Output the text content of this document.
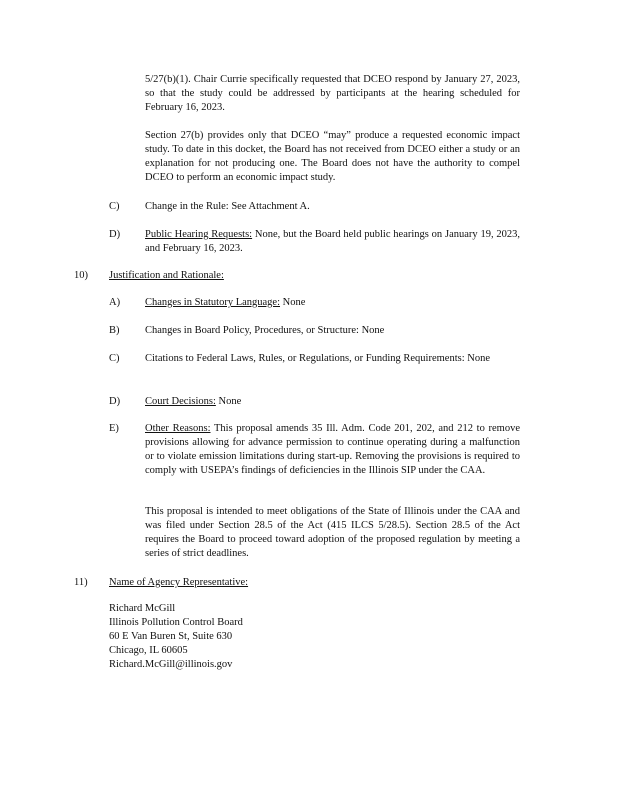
5/27(b)(1). Chair Currie specifically requested that DCEO respond by January 27, 2023, so that the study could be addressed by participants at the hearing scheduled for February 16, 2023.
Section 27(b) provides only that DCEO “may” produce a requested economic impact study. To date in this docket, the Board has not received from DCEO either a study or an explanation for not producing one. The Board does not have the authority to compel DCEO to perform an economic impact study.
C) Change in the Rule: See Attachment A.
D) Public Hearing Requests: None, but the Board held public hearings on January 19, 2023, and February 16, 2023.
10) Justification and Rationale:
A) Changes in Statutory Language: None
B) Changes in Board Policy, Procedures, or Structure: None
C) Citations to Federal Laws, Rules, or Regulations, or Funding Requirements: None
D) Court Decisions: None
E) Other Reasons: This proposal amends 35 Ill. Adm. Code 201, 202, and 212 to remove provisions allowing for advance permission to continue operating during a malfunction or to violate emission limitations during start-up. Removing the provisions is required to comply with USEPA’s findings of deficiencies in the Illinois SIP under the CAA.
This proposal is intended to meet obligations of the State of Illinois under the CAA and was filed under Section 28.5 of the Act (415 ILCS 5/28.5). Section 28.5 of the Act requires the Board to proceed toward adoption of the proposed regulation by meeting a series of strict deadlines.
11) Name of Agency Representative:
Richard McGill
Illinois Pollution Control Board
60 E Van Buren St, Suite 630
Chicago, IL 60605
Richard.McGill@illinois.gov
